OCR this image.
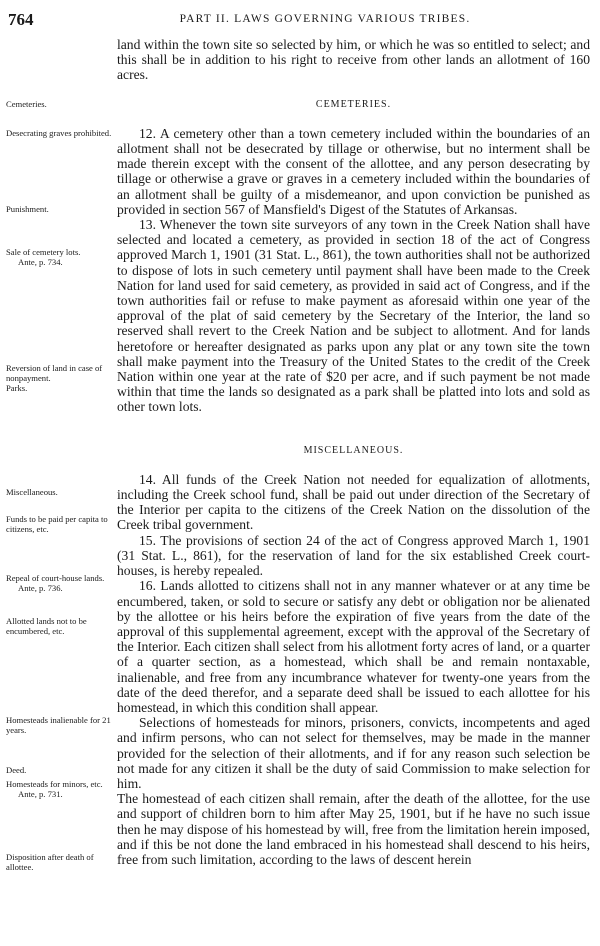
764	PART II. LAWS GOVERNING VARIOUS TRIBES.
Cemeteries.
Desecrating graves prohibited.
Punishment.
Sale of cemetery lots.
Ante, p. 734.
Reversion of land in case of nonpayment.
Parks.
Miscellaneous.
Funds to be paid per capita to citizens, etc.
Repeal of court-house lands.
Ante, p. 736.
Allotted lands not to be encumbered, etc.
Homesteads inalienable for 21 years.
Deed.
Homesteads for minors, etc.
Ante, p. 731.
Disposition after death of allottee.

land within the town site so selected by him, or which he was so entitled to select; and this shall be in addition to his right to receive from other lands an allotment of 160 acres.

CEMETERIES.

12. A cemetery other than a town cemetery included within the boundaries of an allotment shall not be desecrated by tillage or otherwise, but no interment shall be made therein except with the consent of the allottee, and any person desecrating by tillage or otherwise a grave or graves in a cemetery included within the boundaries of an allotment shall be guilty of a misdemeanor, and upon conviction be punished as provided in section 567 of Mansfield's Digest of the Statutes of Arkansas.

13. Whenever the town site surveyors of any town in the Creek Nation shall have selected and located a cemetery, as provided in section 18 of the act of Congress approved March 1, 1901 (31 Stat. L., 861), the town authorities shall not be authorized to dispose of lots in such cemetery until payment shall have been made to the Creek Nation for land used for said cemetery, as provided in said act of Congress, and if the town authorities fail or refuse to make payment as aforesaid within one year of the approval of the plat of said cemetery by the Secretary of the Interior, the land so reserved shall revert to the Creek Nation and be subject to allotment. And for lands heretofore or hereafter designated as parks upon any plat or any town site the town shall make payment into the Treasury of the United States to the credit of the Creek Nation within one year at the rate of $20 per acre, and if such payment be not made within that time the lands so designated as a park shall be platted into lots and sold as other town lots.

MISCELLANEOUS.

14. All funds of the Creek Nation not needed for equalization of allotments, including the Creek school fund, shall be paid out under direction of the Secretary of the Interior per capita to the citizens of the Creek Nation on the dissolution of the Creek tribal government.

15. The provisions of section 24 of the act of Congress approved March 1, 1901 (31 Stat. L., 861), for the reservation of land for the six established Creek court-houses, is hereby repealed.

16. Lands allotted to citizens shall not in any manner whatever or at any time be encumbered, taken, or sold to secure or satisfy any debt or obligation nor be alienated by the allottee or his heirs before the expiration of five years from the date of the approval of this supplemental agreement, except with the approval of the Secretary of the Interior. Each citizen shall select from his allotment forty acres of land, or a quarter of a quarter section, as a homestead, which shall be and remain nontaxable, inalienable, and free from any incumbrance whatever for twenty-one years from the date of the deed therefor, and a separate deed shall be issued to each allottee for his homestead, in which this condition shall appear.

Selections of homesteads for minors, prisoners, convicts, incompetents and aged and infirm persons, who can not select for themselves, may be made in the manner provided for the selection of their allotments, and if for any reason such selection be not made for any citizen it shall be the duty of said Commission to make selection for him.

The homestead of each citizen shall remain, after the death of the allottee, for the use and support of children born to him after May 25, 1901, but if he have no such issue then he may dispose of his homestead by will, free from the limitation herein imposed, and if this be not done the land embraced in his homestead shall descend to his heirs, free from such limitation, according to the laws of descent herein
